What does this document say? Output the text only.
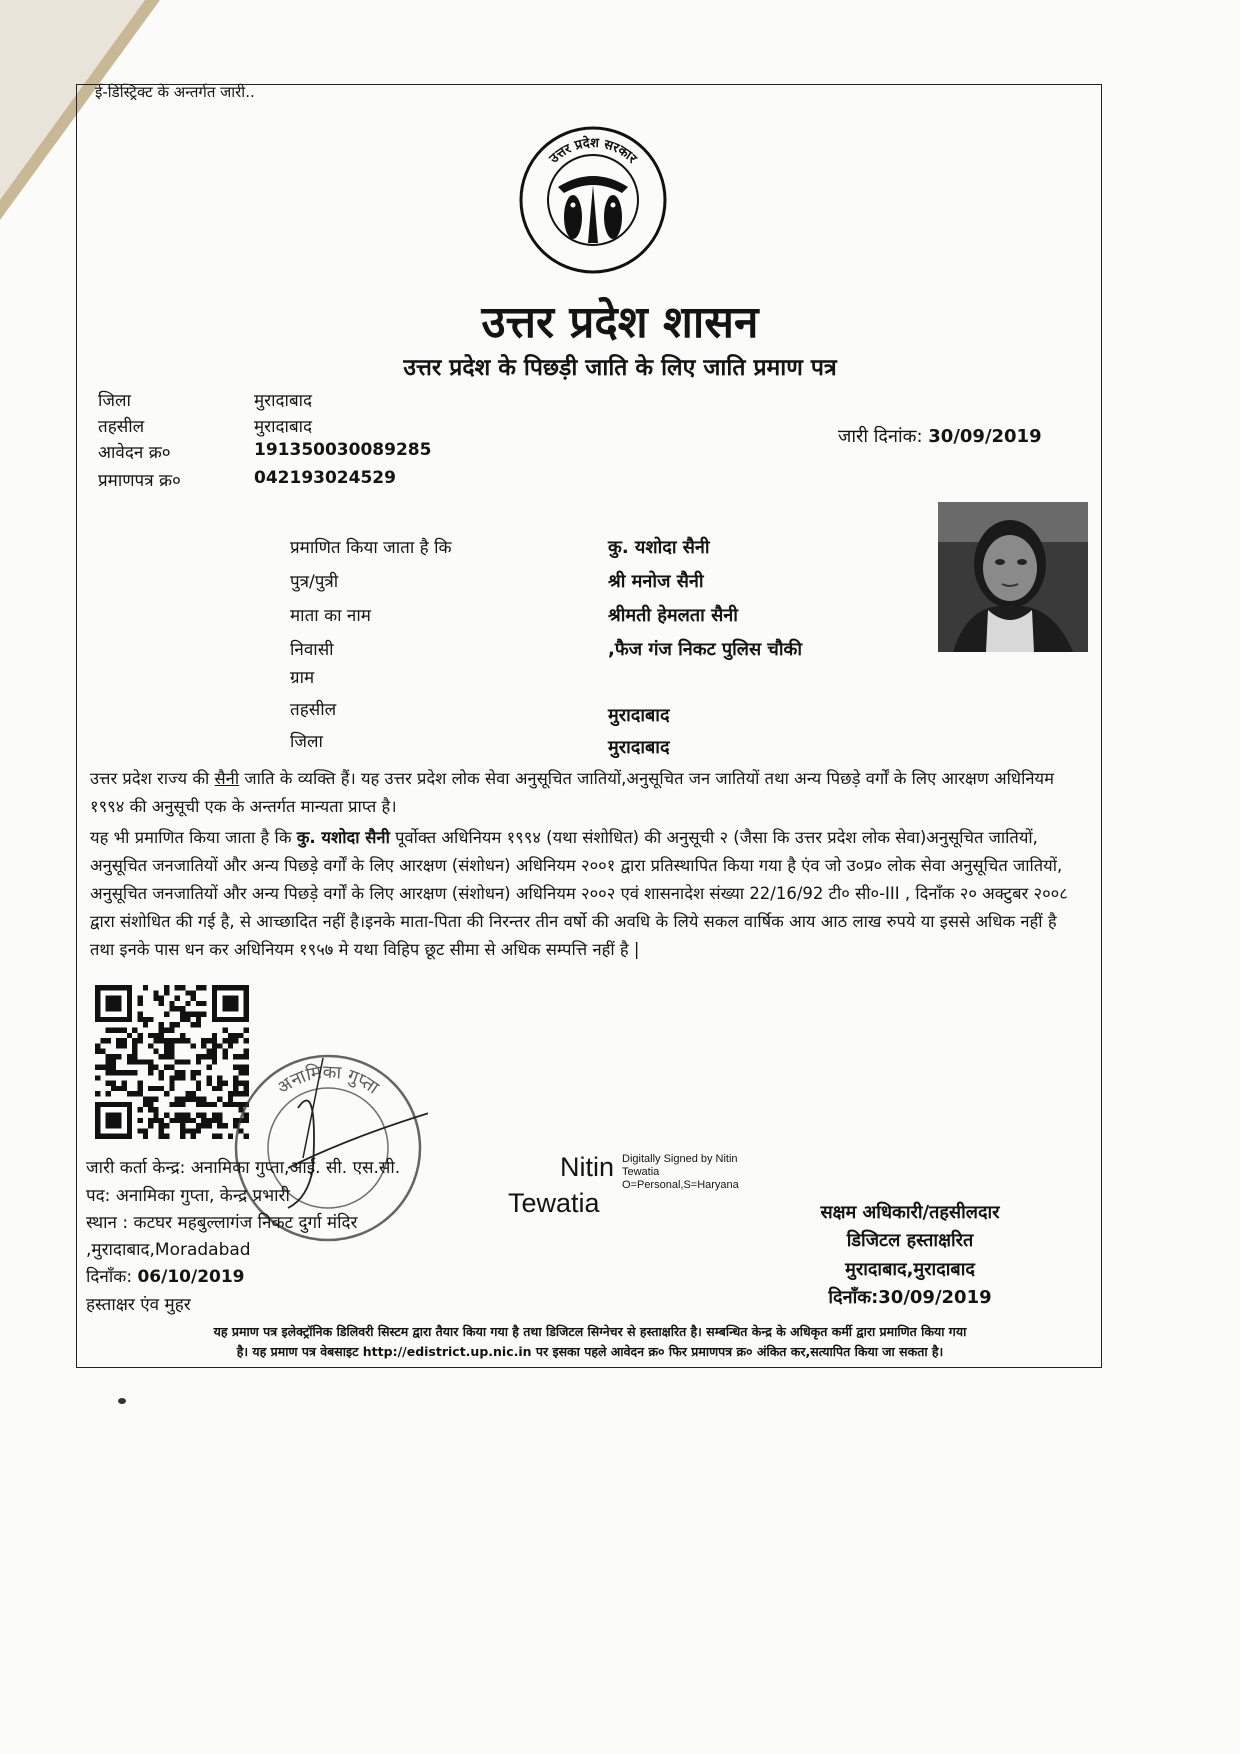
ई-डिस्ट्रिक्ट के अन्तर्गत जारी..
उत्तर प्रदेश सरकार
उत्तर प्रदेश शासन
उत्तर प्रदेश के पिछड़ी जाति के लिए जाति प्रमाण पत्र
जिला	मुरादाबाद
तहसील	मुरादाबाद
आवेदन क्र०	191350030089285
प्रमाणपत्र क्र०	042193024529
जारी दिनांक: 30/09/2019
प्रमाणित किया जाता है कि	कु. यशोदा सैनी
पुत्र/पुत्री	श्री मनोज सैनी
माता का नाम	श्रीमती हेमलता सैनी
निवासी	,फैज गंज निकट पुलिस चौकी
ग्राम
तहसील	मुरादाबाद
जिला	मुरादाबाद
उत्तर प्रदेश राज्य की सैनी जाति के व्यक्ति हैं। यह उत्तर प्रदेश लोक सेवा अनुसूचित जातियों,अनुसूचित जन जातियों तथा अन्य पिछड़े वर्गों के लिए आरक्षण अधिनियम १९९४ की अनुसूची एक के अन्तर्गत मान्यता प्राप्त है।
यह भी प्रमाणित किया जाता है कि कु. यशोदा सैनी पूर्वोक्त अधिनियम १९९४ (यथा संशोधित) की अनुसूची २ (जैसा कि उत्तर प्रदेश लोक सेवा)अनुसूचित जातियों, अनुसूचित जनजातियों और अन्य पिछड़े वर्गों के लिए आरक्षण (संशोधन) अधिनियम २००१ द्वारा प्रतिस्थापित किया गया है एंव जो उ०प्र० लोक सेवा अनुसूचित जातियों, अनुसूचित जनजातियों और अन्य पिछड़े वर्गों के लिए आरक्षण (संशोधन) अधिनियम २००२ एवं शासनादेश संख्या 22/16/92 टी० सी०-III , दिनाँक २० अक्टुबर २००८ द्वारा संशोधित की गई है, से आच्छादित नहीं है।इनके माता-पिता की निरन्तर तीन वर्षो की अवधि के लिये सकल वार्षिक आय आठ लाख रुपये या इससे अधिक नहीं है तथा इनके पास धन कर अधिनियम १९५७ मे यथा विहिप छूट सीमा से अधिक सम्पत्ति नहीं है |
अनामिका गुप्ता
जारी कर्ता केन्द्र: अनामिका गुप्ता,आई. सी. एस.सी.
पद: अनामिका गुप्ता, केन्द्र प्रभारी
स्थान : कटघर महबुल्लागंज निकट दुर्गा मंदिर
,मुरादाबाद,Moradabad
दिनाँक: 06/10/2019
हस्ताक्षर एंव मुहर
Nitin
Tewatia
Digitally Signed by Nitin
Tewatia
O=Personal,S=Haryana
सक्षम अधिकारी/तहसीलदार
डिजिटल हस्ताक्षरित
मुरादाबाद,मुरादाबाद
दिनाँक:30/09/2019
यह प्रमाण पत्र इलेक्ट्रॉनिक डिलिवरी सिस्टम द्वारा तैयार किया गया है तथा डिजिटल सिग्नेचर से हस्ताक्षरित है। सम्बन्धित केन्द्र के अधिकृत कर्मी द्वारा प्रमाणित किया गया
है। यह प्रमाण पत्र वेबसाइट http://edistrict.up.nic.in पर इसका पहले आवेदन क्र० फिर प्रमाणपत्र क्र० अंकित कर,सत्यापित किया जा सकता है।
